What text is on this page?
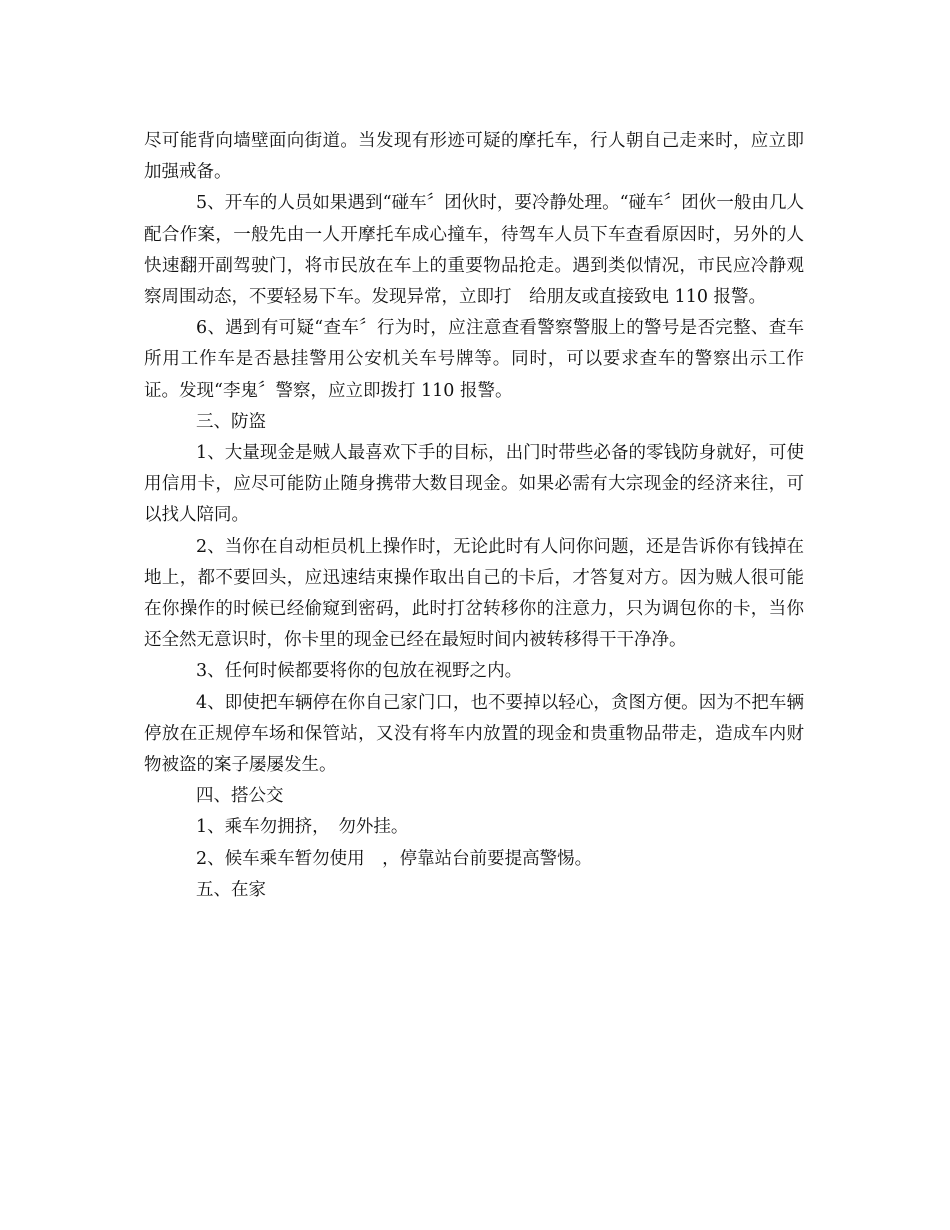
尽可能背向墙壁面向街道。当发现有形迹可疑的摩托车，行人朝自己走来时，应立即加强戒备。

5、开车的人员如果遇到“碰车〞团伙时，要冷静处理。“碰车〞团伙一般由几人配合作案，一般先由一人开摩托车成心撞车，待驾车人员下车查看原因时，另外的人快速翻开副驾驶门，将市民放在车上的重要物品抢走。遇到类似情况，市民应冷静观察周围动态，不要轻易下车。发现异常，立即打　给朋友或直接致电 110 报警。

6、遇到有可疑“查车〞行为时，应注意查看警察警服上的警号是否完整、查车所用工作车是否悬挂警用公安机关车号牌等。同时，可以要求查车的警察出示工作证。发现“李鬼〞警察，应立即拨打 110 报警。

三、防盗

1、大量现金是贼人最喜欢下手的目标，出门时带些必备的零钱防身就好，可使用信用卡，应尽可能防止随身携带大数目现金。如果必需有大宗现金的经济来往，可以找人陪同。

2、当你在自动柜员机上操作时，无论此时有人问你问题，还是告诉你有钱掉在地上，都不要回头，应迅速结束操作取出自己的卡后，才答复对方。因为贼人很可能在你操作的时候已经偷窥到密码，此时打岔转移你的注意力，只为调包你的卡，当你还全然无意识时，你卡里的现金已经在最短时间内被转移得干干净净。

3、任何时候都要将你的包放在视野之内。

4、即使把车辆停在你自己家门口，也不要掉以轻心，贪图方便。因为不把车辆停放在正规停车场和保管站，又没有将车内放置的现金和贵重物品带走，造成车内财物被盗的案子屡屡发生。

四、搭公交

1、乘车勿拥挤，　勿外挂。

2、候车乘车暂勿使用　，停靠站台前要提高警惕。

五、在家
